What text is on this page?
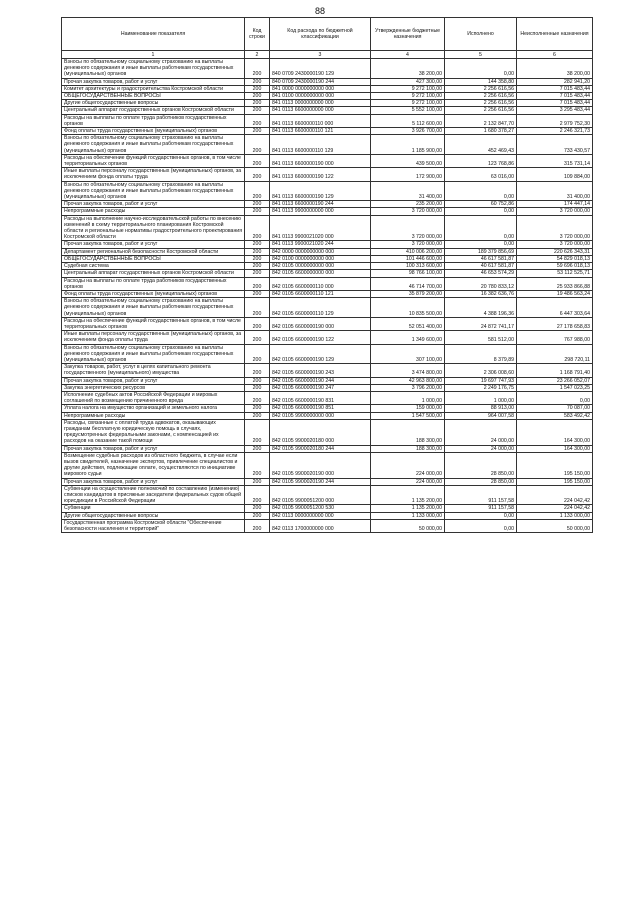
88
Наименование показателя	Код строки	Код расхода по бюджетной классификации	Утвержденные бюджетные назначения	Исполнено	Неисполненные назначения
1	2	3	4	5	6
Взносы по обязательному социальному страхованию на выплаты денежного содержания и иные выплаты работникам государственных (муниципальных) органов	200	840 0709 2430000190 129	38 200,00	0,00	38 200,00
Прочая закупка товаров, работ и услуг	200	840 0709 2430000190 244	427 300,00	144 358,80	282 941,20
Комитет архитектуры и градостроительства Костромской области	200	841 0000 0000000000 000	9 272 100,00	2 256 616,56	7 015 483,44
ОБЩЕГОСУДАРСТВЕННЫЕ ВОПРОСЫ	200	841 0100 0000000000 000	9 272 100,00	2 256 616,56	7 015 483,44
Другие общегосударственные вопросы	200	841 0113 0000000000 000	9 272 100,00	2 256 616,56	7 015 483,44
Центральный аппарат государственных органов Костромской области	200	841 0113 6600000000 000	5 552 100,00	2 256 616,56	3 295 483,44
Расходы на выплаты по оплате труда работников государственных органов	200	841 0113 6600000110 000	5 112 600,00	2 132 847,70	2 979 752,30
Фонд оплаты труда государственных (муниципальных) органов	200	841 0113 6600000110 121	3 926 700,00	1 680 378,27	2 246 321,73
Взносы по обязательному социальному страхованию на выплаты денежного содержания и иные выплаты работникам государственных (муниципальных) органов	200	841 0113 6600000110 129	1 185 900,00	452 469,43	733 430,57
Расходы на обеспечение функций государственных органов, в том числе территориальных органов	200	841 0113 6600000190 000	439 500,00	123 768,86	315 731,14
Иные выплаты персоналу государственных (муниципальных) органов, за исключением фонда оплаты труда	200	841 0113 6600000190 122	172 900,00	63 016,00	109 884,00
Взносы по обязательному социальному страхованию на выплаты денежного содержания и иные выплаты работникам государственных (муниципальных) органов	200	841 0113 6600000190 129	31 400,00	0,00	31 400,00
Прочая закупка товаров, работ и услуг	200	841 0113 6600000190 244	235 200,00	60 752,86	174 447,14
Непрограммные расходы	200	841 0113 9900000000 000	3 720 000,00	0,00	3 720 000,00
Расходы на выполнение научно-исследовательской работы по внесению изменений в схему территориального планирования Костромской области и региональные нормативы градостроительного проектирования Костромской области	200	841 0113 9900021020 000	3 720 000,00	0,00	3 720 000,00
Прочая закупка товаров, работ и услуг	200	841 0113 9900021020 244	3 720 000,00	0,00	3 720 000,00
Департамент региональной безопасности Костромской области	200	842 0000 0000000000 000	410 006 200,00	189 379 856,69	220 626 343,31
ОБЩЕГОСУДАРСТВЕННЫЕ ВОПРОСЫ	200	842 0100 0000000000 000	101 446 600,00	46 617 581,87	54 829 018,13
Судебная система	200	842 0105 0000000000 000	100 313 600,00	40 617 581,87	59 696 018,13
Центральный аппарат государственных органов Костромской области	200	842 0105 6600000000 000	98 766 100,00	46 653 574,29	53 112 525,71
Расходы на выплаты по оплате труда работников государственных органов	200	842 0105 6600000110 000	46 714 700,00	20 780 833,12	25 933 866,88
Фонд оплаты труда государственных (муниципальных) органов	200	842 0105 6600000110 121	35 879 200,00	16 382 636,76	19 486 563,24
Взносы по обязательному социальному страхованию на выплаты денежного содержания и иные выплаты работникам государственных (муниципальных) органов	200	842 0105 6600000110 129	10 835 500,00	4 388 196,36	6 447 303,64
Расходы на обеспечение функций государственных органов, в том числе территориальных органов	200	842 0105 6600000190 000	52 051 400,00	24 872 741,17	27 178 658,83
Иные выплаты персоналу государственных (муниципальных) органов, за исключением фонда оплаты труда	200	842 0105 6600000190 122	1 349 600,00	581 512,00	767 988,00
Взносы по обязательному социальному страхованию на выплаты денежного содержания и иные выплаты работникам государственных (муниципальных) органов	200	842 0105 6600000190 129	307 100,00	8 379,89	298 720,11
Закупка товаров, работ, услуг в целях капитального ремонта государственного (муниципального) имущества	200	842 0105 6600000190 243	3 474 800,00	2 306 008,60	1 168 791,40
Прочая закупка товаров, работ и услуг	200	842 0105 6600000190 244	42 963 800,00	19 697 747,93	23 266 052,07
Закупка энергетических ресурсов	200	842 0105 6600000190 247	3 796 200,00	2 249 176,75	1 547 023,25
Исполнение судебных актов Российской Федерации и мировых соглашений по возмещению причиненного вреда	200	842 0105 6600000190 831	1 000,00	1 000,00	0,00
Уплата налога на имущество организаций и земельного налога	200	842 0105 6600000190 851	159 000,00	88 913,00	70 087,00
Непрограммные расходы	200	842 0105 9900000000 000	1 547 500,00	964 007,58	583 492,42
Расходы, связанные с оплатой труда адвокатов, оказывающих гражданам бесплатную юридическую помощь в случаях, предусмотренных федеральными законами, с компенсацией их расходов на оказание такой помощи	200	842 0105 9900020180 000	188 300,00	24 000,00	164 300,00
Прочая закупка товаров, работ и услуг	200	842 0105 9900020180 244	188 300,00	24 000,00	164 300,00
Возмещение судебных расходов из областного бюджета, в случае если вызов свидетелей, назначение экспертов, привлечение специалистов и другие действия, подлежащие оплате, осуществляются по инициативе мирового судьи	200	842 0105 9900020190 000	224 000,00	28 850,00	195 150,00
Прочая закупка товаров, работ и услуг	200	842 0105 9900020190 244	224 000,00	28 850,00	195 150,00
Субвенции на осуществление полномочий по составлению (изменению) списков кандидатов в присяжные заседатели федеральных судов общей юрисдикции в Российской Федерации	200	842 0105 9900051200 000	1 135 200,00	911 157,58	224 042,42
Субвенции	200	842 0105 9900051200 530	1 135 200,00	911 157,58	224 042,42
Другие общегосударственные вопросы	200	842 0113 0000000000 000	1 133 000,00	0,00	1 133 000,00
Государственная программа Костромской области "Обеспечение безопасности населения и территорий"	200	842 0113 1700000000 000	50 000,00	0,00	50 000,00
